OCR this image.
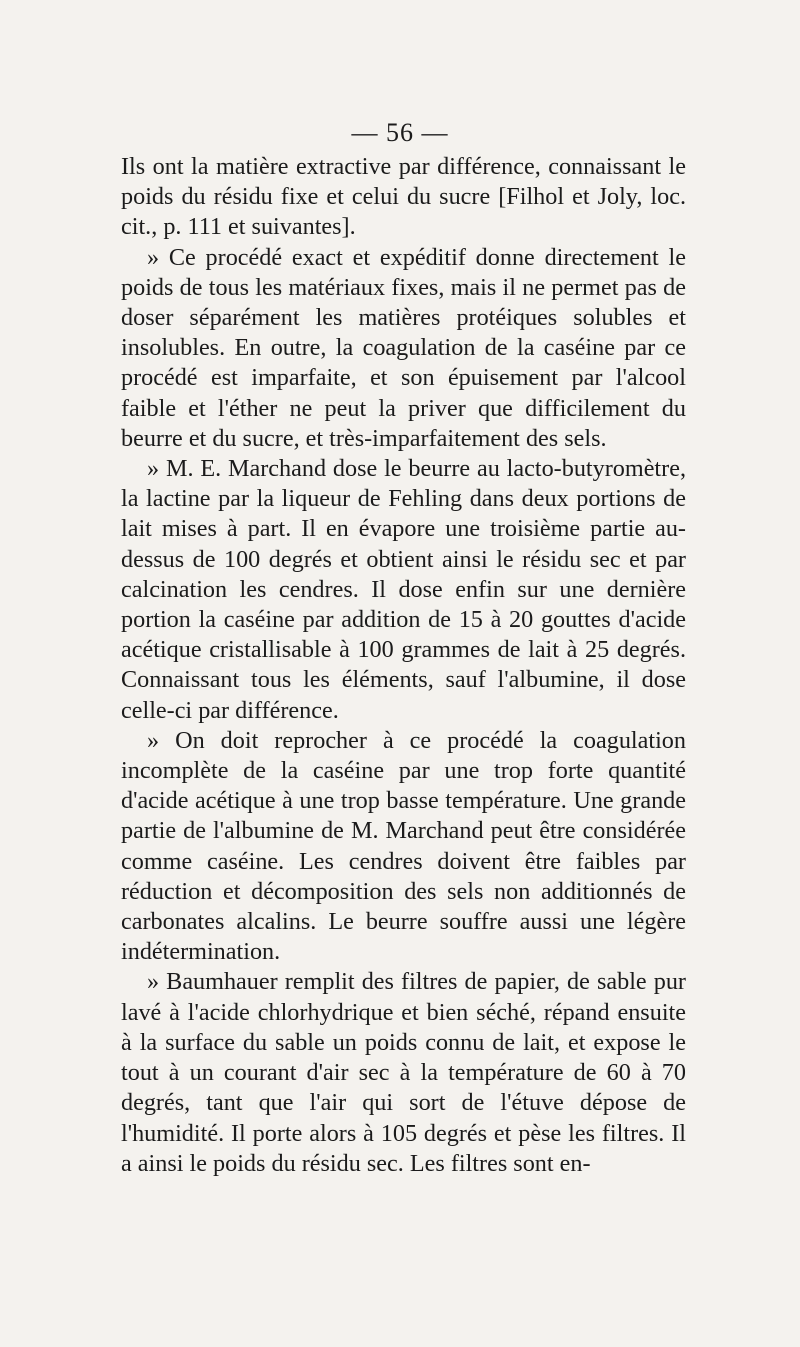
— 56 —

Ils ont la matière extractive par différence, connaissant le poids du résidu fixe et celui du sucre [Filhol et Joly, loc. cit., p. 111 et suivantes].

» Ce procédé exact et expéditif donne directement le poids de tous les matériaux fixes, mais il ne permet pas de doser séparément les matières protéiques solubles et insolubles. En outre, la coagulation de la caséine par ce procédé est imparfaite, et son épuisement par l'alcool faible et l'éther ne peut la priver que difficilement du beurre et du sucre, et très-imparfaitement des sels.

» M. E. Marchand dose le beurre au lacto-butyromètre, la lactine par la liqueur de Fehling dans deux portions de lait mises à part. Il en évapore une troisième partie au-dessus de 100 degrés et obtient ainsi le résidu sec et par calcination les cendres. Il dose enfin sur une dernière portion la caséine par addition de 15 à 20 gouttes d'acide acétique cristallisable à 100 grammes de lait à 25 degrés. Connaissant tous les éléments, sauf l'albumine, il dose celle-ci par différence.

» On doit reprocher à ce procédé la coagulation incomplète de la caséine par une trop forte quantité d'acide acétique à une trop basse température. Une grande partie de l'albumine de M. Marchand peut être considérée comme caséine. Les cendres doivent être faibles par réduction et décomposition des sels non additionnés de carbonates alcalins. Le beurre souffre aussi une légère indétermination.

» Baumhauer remplit des filtres de papier, de sable pur lavé à l'acide chlorhydrique et bien séché, répand ensuite à la surface du sable un poids connu de lait, et expose le tout à un courant d'air sec à la température de 60 à 70 degrés, tant que l'air qui sort de l'étuve dépose de l'humidité. Il porte alors à 105 degrés et pèse les filtres. Il a ainsi le poids du résidu sec. Les filtres sont en-
